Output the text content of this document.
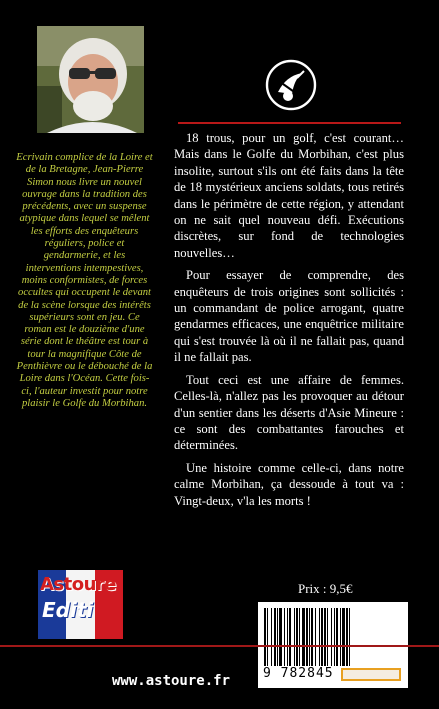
Ecrivain complice de la Loire et de la Bretagne, Jean-Pierre Simon nous livre un nouvel ouvrage dans la tradition des précédents, avec un suspense atypique dans lequel se mêlent les efforts des enquêteurs réguliers, police et gendarmerie, et les interventions intempestives, moins conformistes, de forces occultes qui occupent le devant de la scène lorsque des intérêts supérieurs sont en jeu. Ce roman est le douzième d'une série dont le théâtre est tour à tour la magnifique Côte de Penthièvre ou le débouché de la Loire dans l'Océan. Cette fois-ci, l'auteur investit pour notre plaisir le Golfe du Morbihan.

18 trous, pour un golf, c'est courant… Mais dans le Golfe du Morbihan, c'est plus insolite, surtout s'ils ont été faits dans la tête de 18 mystérieux anciens soldats, tous retirés dans le périmètre de cette région, y attendant on ne sait quel nouveau défi. Exécutions discrètes, sur fond de technologies nouvelles…

Pour essayer de comprendre, des enquêteurs de trois origines sont sollicités : un commandant de police arrogant, quatre gendarmes efficaces, une enquêtrice militaire qui s'est trouvée là où il ne fallait pas, quand il ne fallait pas.

Tout ceci est une affaire de femmes. Celles-là, n'allez pas les provoquer au détour d'un sentier dans les déserts d'Asie Mineure : ce sont des combattantes farouches et déterminées.

Une histoire comme celle-ci, dans notre calme Morbihan, ça dessoude à tout va : Vingt-deux, v'la les morts !

Astoure
Editi
Prix : 9,5€
9 782845
www.astoure.fr
